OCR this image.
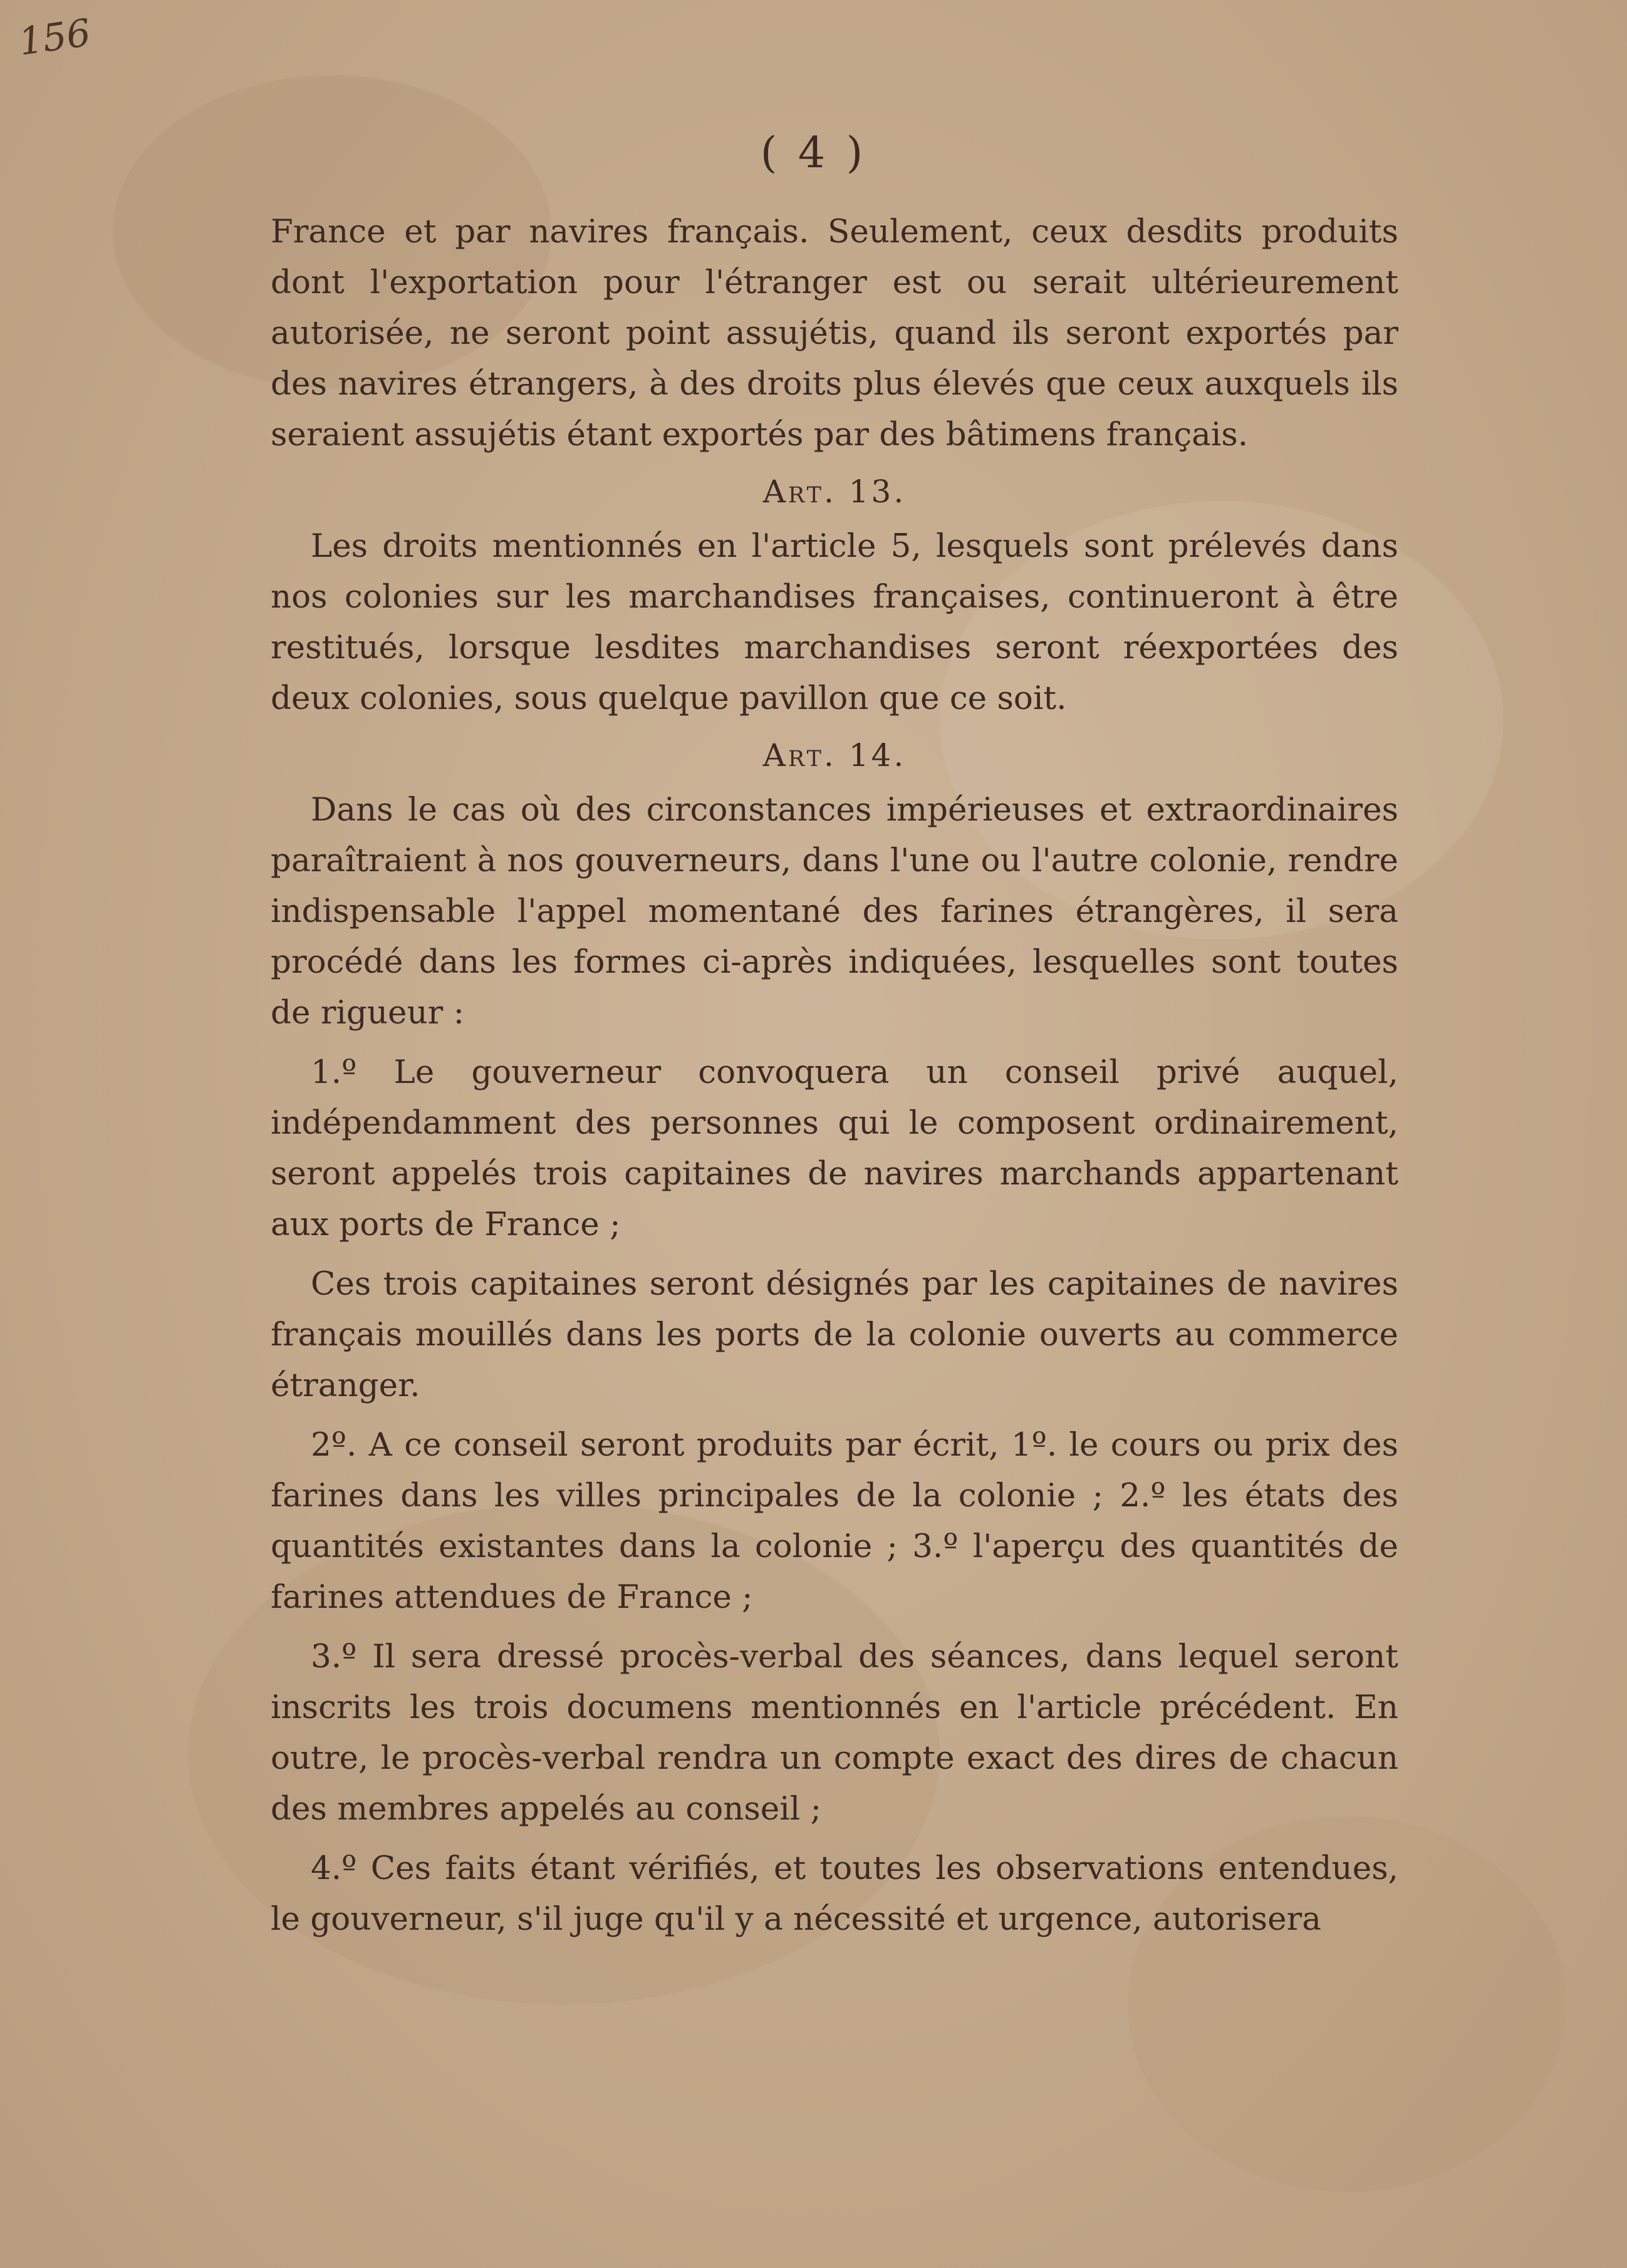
156
( 4 )

France et par navires français. Seulement, ceux desdits produits dont l'exportation pour l'étranger est ou serait ultérieurement autorisée, ne seront point assujétis, quand ils seront exportés par des navires étrangers, à des droits plus élevés que ceux auxquels ils seraient assujétis étant exportés par des bâtimens français.

Art. 13.

Les droits mentionnés en l'article 5, lesquels sont prélevés dans nos colonies sur les marchandises françaises, continueront à être restitués, lorsque lesdites marchandises seront réexportées des deux colonies, sous quelque pavillon que ce soit.

Art. 14.

Dans le cas où des circonstances impérieuses et extraordinaires paraîtraient à nos gouverneurs, dans l'une ou l'autre colonie, rendre indispensable l'appel momentané des farines étrangères, il sera procédé dans les formes ci-après indiquées, lesquelles sont toutes de rigueur :

1.º Le gouverneur convoquera un conseil privé auquel, indépendamment des personnes qui le composent ordinairement, seront appelés trois capitaines de navires marchands appartenant aux ports de France ;

Ces trois capitaines seront désignés par les capitaines de navires français mouillés dans les ports de la colonie ouverts au commerce étranger.

2º. A ce conseil seront produits par écrit, 1º. le cours ou prix des farines dans les villes principales de la colonie ; 2.º les états des quantités existantes dans la colonie ; 3.º l'aperçu des quantités de farines attendues de France ;

3.º Il sera dressé procès-verbal des séances, dans lequel seront inscrits les trois documens mentionnés en l'article précédent. En outre, le procès-verbal rendra un compte exact des dires de chacun des membres appelés au conseil ;

4.º Ces faits étant vérifiés, et toutes les observations entendues, le gouverneur, s'il juge qu'il y a nécessité et urgence, autorisera
